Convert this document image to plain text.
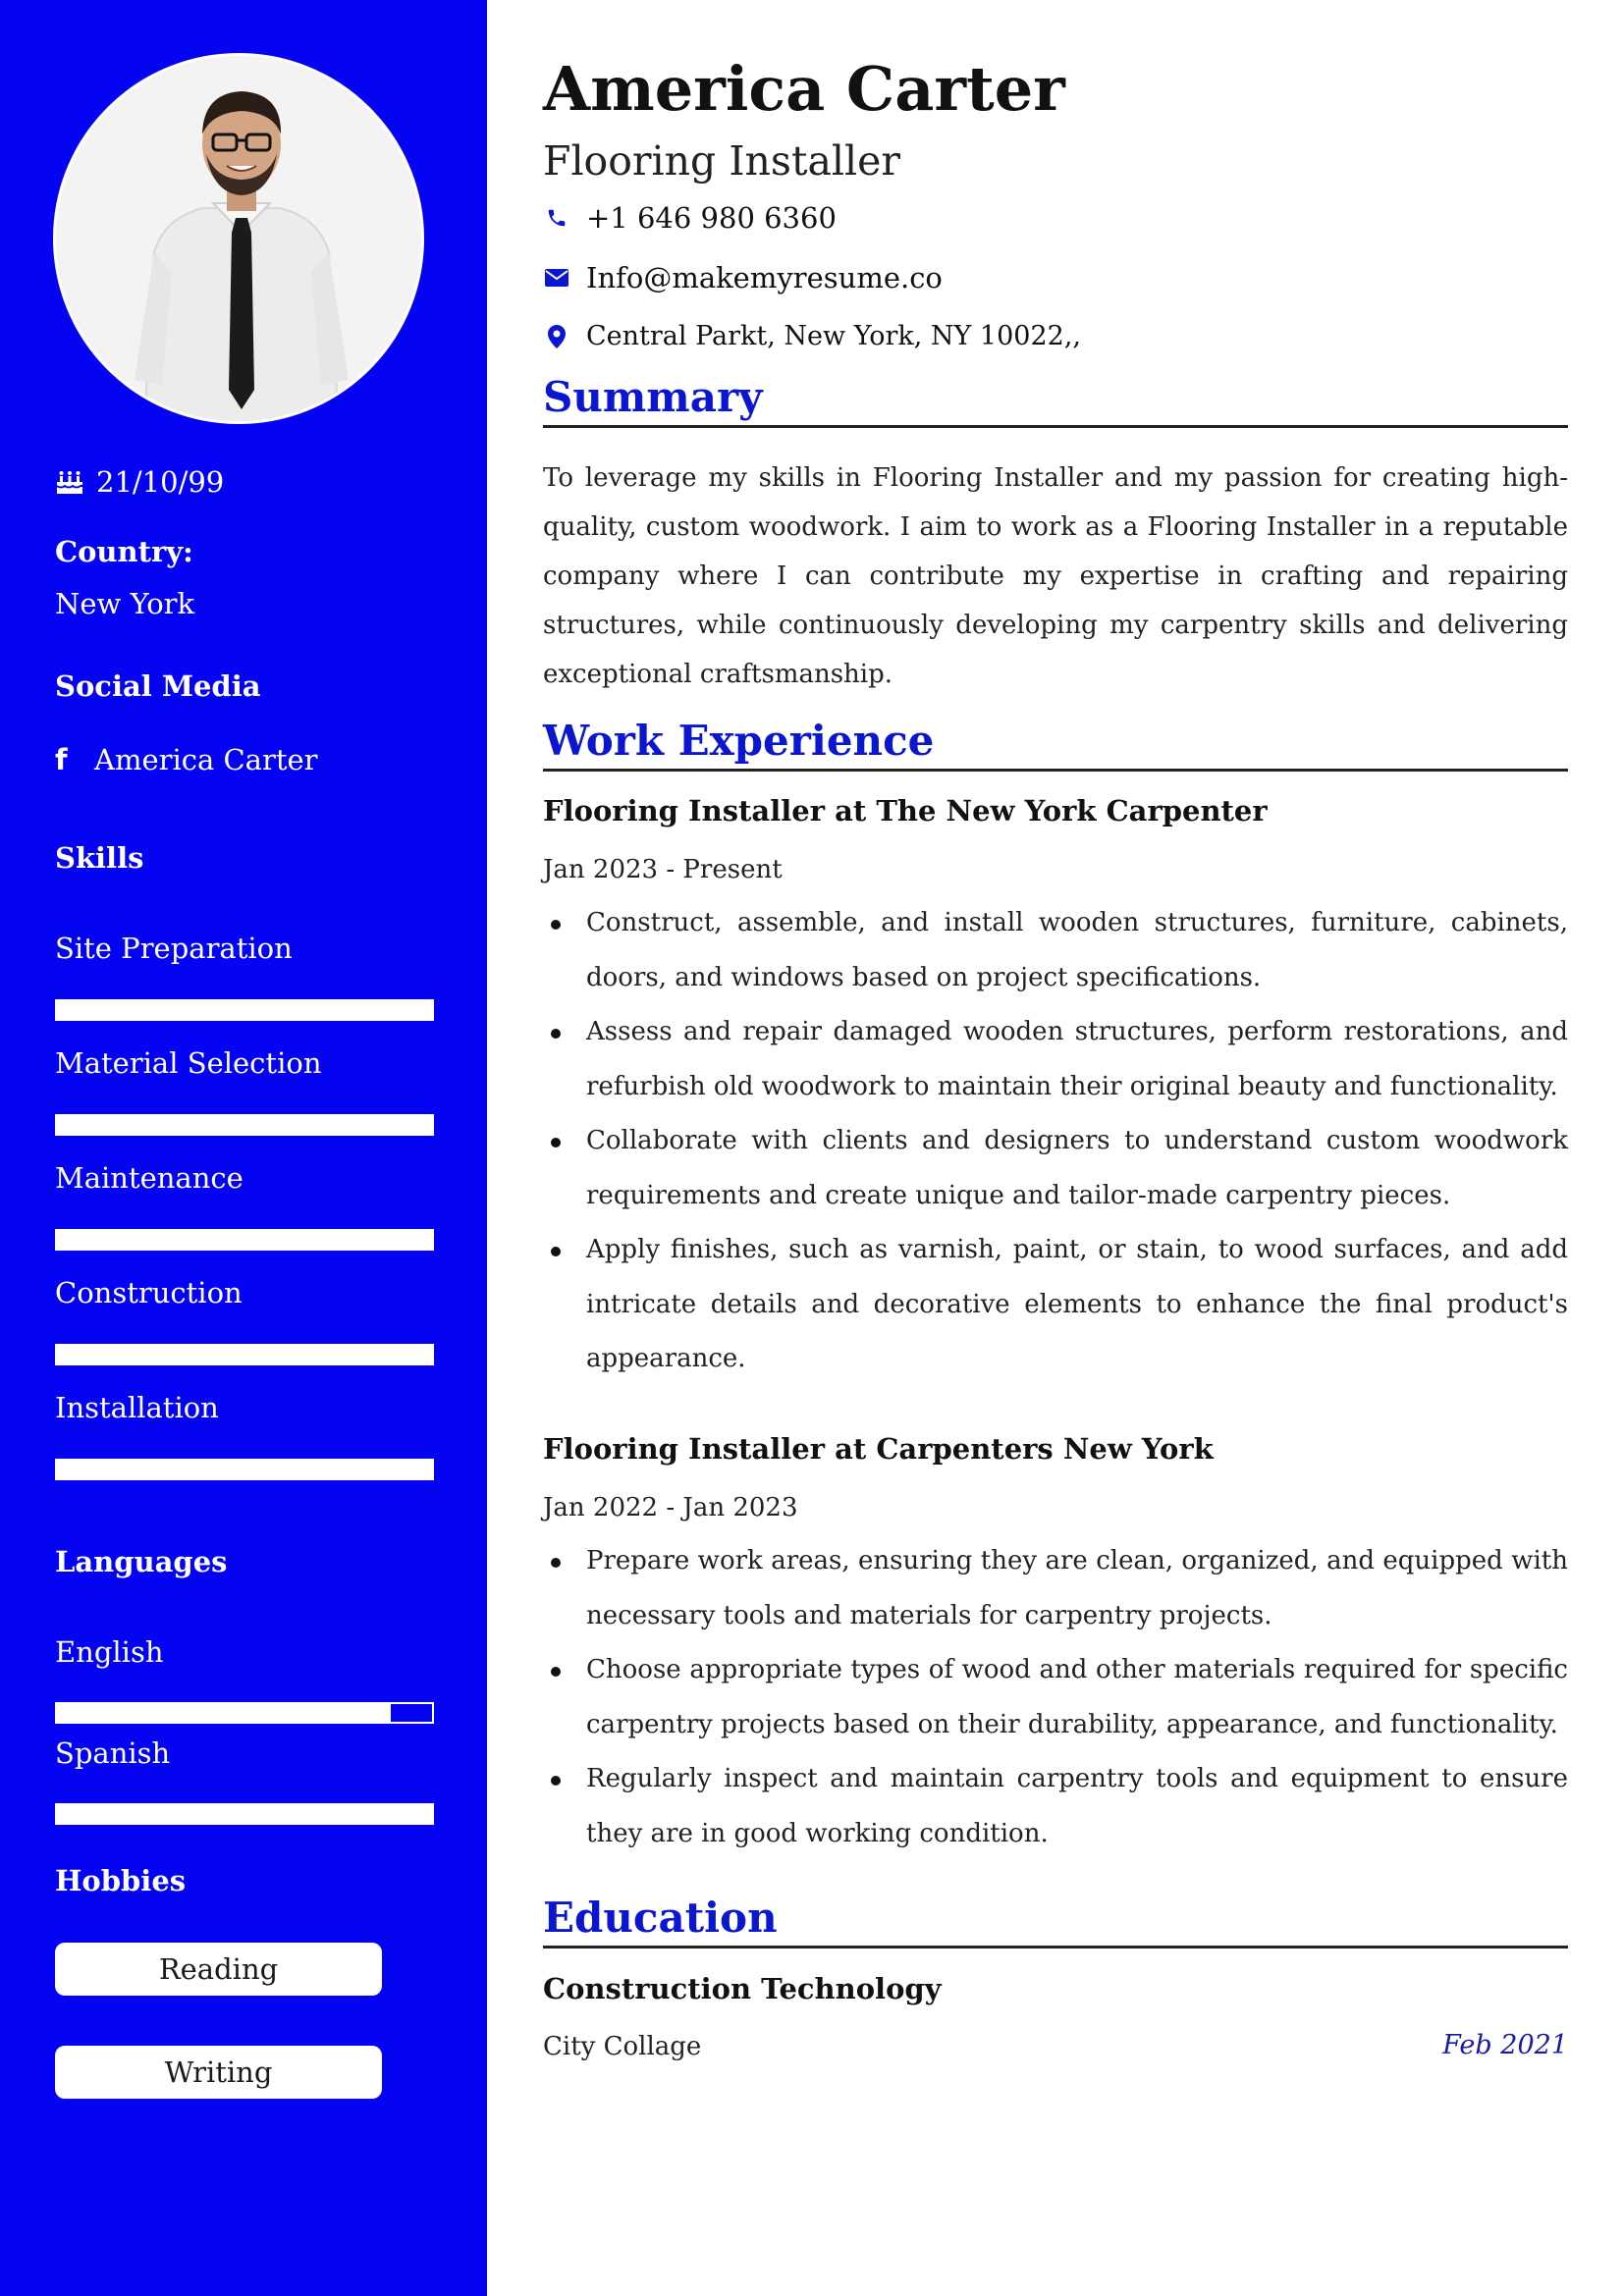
21/10/99
Country:
New York
Social Media
f America Carter
Skills
Site Preparation
Material Selection
Maintenance
Construction
Installation
Languages
English
Spanish
Hobbies
Reading
Writing
America Carter
Flooring Installer
+1 646 980 6360
Info@makemyresume.co
Central Parkt, New York, NY 10022,,
Summary
To leverage my skills in Flooring Installer and my passion for creating high-quality, custom woodwork. I aim to work as a Flooring Installer in a reputable company where I can contribute my expertise in crafting and repairing structures, while continuously developing my carpentry skills and delivering exceptional craftsmanship.
Work Experience
Flooring Installer at The New York Carpenter
Jan 2023 - Present
Construct, assemble, and install wooden structures, furniture, cabinets, doors, and windows based on project specifications.
Assess and repair damaged wooden structures, perform restorations, and refurbish old woodwork to maintain their original beauty and functionality.
Collaborate with clients and designers to understand custom woodwork requirements and create unique and tailor-made carpentry pieces.
Apply finishes, such as varnish, paint, or stain, to wood surfaces, and add intricate details and decorative elements to enhance the final product's appearance.
Flooring Installer at Carpenters New York
Jan 2022 - Jan 2023
Prepare work areas, ensuring they are clean, organized, and equipped with necessary tools and materials for carpentry projects.
Choose appropriate types of wood and other materials required for specific carpentry projects based on their durability, appearance, and functionality.
Regularly inspect and maintain carpentry tools and equipment to ensure they are in good working condition.
Education
Construction Technology
City Collage	Feb 2021
